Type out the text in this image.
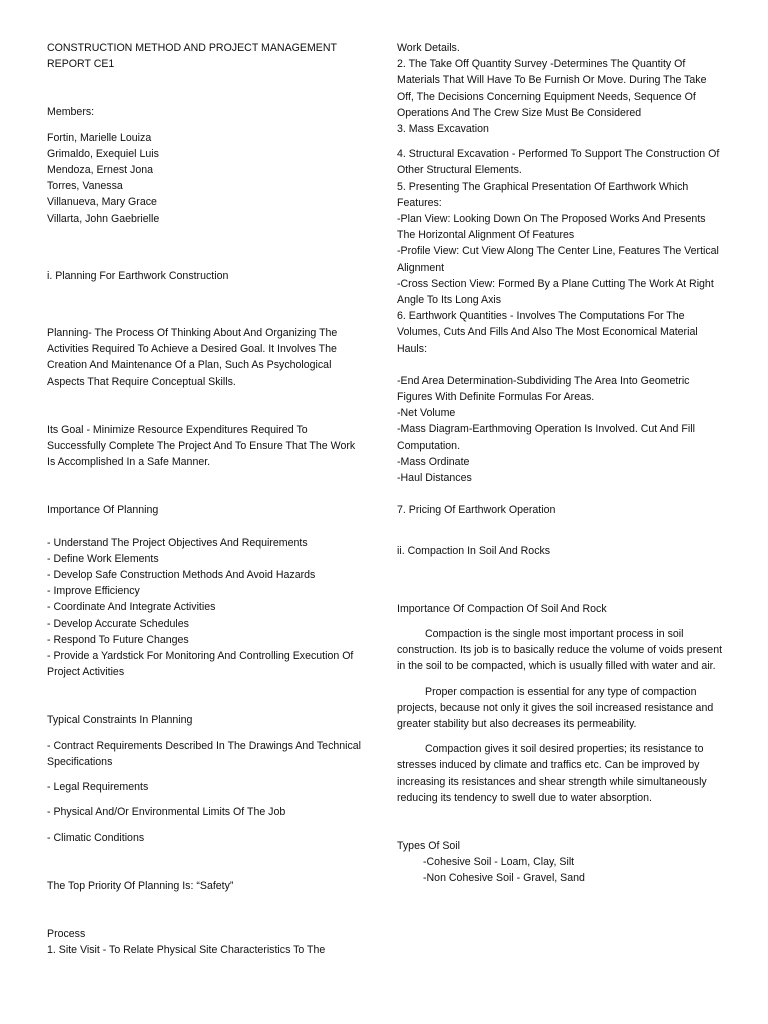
CONSTRUCTION METHOD AND PROJECT MANAGEMENT

REPORT CE1

Members:

Fortin, Marielle Louiza

Grimaldo, Exequiel Luis

Mendoza, Ernest Jona

Torres, Vanessa

Villanueva, Mary Grace

Villarta, John Gaebrielle

i. Planning For Earthwork Construction

Planning- The Process Of Thinking About And Organizing The Activities Required To Achieve a Desired Goal. It Involves The Creation And Maintenance Of a Plan, Such As Psychological Aspects That Require Conceptual Skills.

Its Goal - Minimize Resource Expenditures Required To Successfully Complete The Project And To Ensure That The Work Is Accomplished In a Safe Manner.

Importance Of Planning

- Understand The Project Objectives And Requirements

- Define Work Elements

- Develop Safe Construction Methods And Avoid Hazards

- Improve Efficiency

- Coordinate And Integrate Activities

- Develop Accurate Schedules

- Respond To Future Changes

- Provide a Yardstick For Monitoring And Controlling Execution Of Project Activities

Typical Constraints In Planning

- Contract Requirements Described In The Drawings And Technical Specifications

- Legal Requirements

- Physical And/Or Environmental Limits Of The Job

- Climatic Conditions

The Top Priority Of Planning Is: “Safety”

Process

1. Site Visit - To Relate Physical Site Characteristics To The

Work Details.

2. The Take Off Quantity Survey -Determines The Quantity Of Materials That Will Have To Be Furnish Or Move. During The Take Off, The Decisions Concerning Equipment Needs, Sequence Of Operations And The Crew Size Must Be Considered

3. Mass Excavation

4. Structural Excavation - Performed To Support The Construction Of Other Structural Elements.

5. Presenting The Graphical Presentation Of Earthwork Which Features:

-Plan View: Looking Down On The Proposed Works And Presents The Horizontal Alignment Of Features

-Profile View: Cut View Along The Center Line, Features The Vertical Alignment

-Cross Section View: Formed By a Plane Cutting The Work At Right Angle To Its Long Axis

6. Earthwork Quantities - Involves The Computations For The Volumes, Cuts And Fills And Also The Most Economical Material Hauls:

-End Area Determination-Subdividing The Area Into Geometric Figures With Definite Formulas For Areas.

-Net Volume

-Mass Diagram-Earthmoving Operation Is Involved. Cut And Fill Computation.

-Mass Ordinate

-Haul Distances

7. Pricing Of Earthwork Operation

ii. Compaction In Soil And Rocks

Importance Of Compaction Of Soil And Rock

Compaction is the single most important process in soil construction. Its job is to basically reduce the volume of voids present in the soil to be compacted, which is usually filled with water and air.

Proper compaction is essential for any type of compaction projects, because not only it gives the soil increased resistance and greater stability but also decreases its permeability.

Compaction gives it soil desired properties; its resistance to stresses induced by climate and traffics etc. Can be improved by increasing its resistances and shear strength while simultaneously reducing its tendency to swell due to water absorption.

Types Of Soil

-Cohesive Soil - Loam, Clay, Silt

-Non Cohesive Soil - Gravel, Sand
